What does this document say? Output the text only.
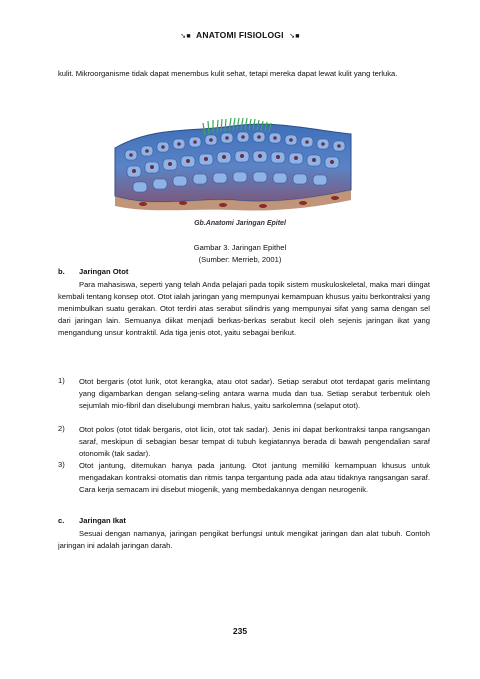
➘■ ANATOMI FISIOLOGI ➘■
kulit. Mikroorganisme tidak dapat menembus kulit sehat, tetapi mereka dapat lewat kulit yang terluka.
Gb.Anatomi Jaringan Epitel
Gambar 3. Jaringan Epithel
(Sumber: Merrieb, 2001)
b. Jaringan Otot
Para mahasiswa, seperti yang telah Anda pelajari pada topik sistem muskuloskeletal, maka mari diingat kembali tentang konsep otot. Otot ialah jaringan yang mempunyai kemampuan khusus yaitu berkontraksi yang menimbulkan suatu gerakan. Otot terdiri atas serabut silindris yang mempunyai sifat yang sama dengan sel dari jaringan lain. Semuanya diikat menjadi berkas-berkas serabut kecil oleh sejenis jaringan ikat yang mengandung unsur kontraktil. Ada tiga jenis otot, yaitu sebagai berikut.
1) Otot bergaris (otot lurik, otot kerangka, atau otot sadar). Setiap serabut otot terdapat garis melintang yang digambarkan dengan selang-seling antara warna muda dan tua. Setiap serabut terbentuk oleh sejumlah mio-fibril dan diselubungi membran halus, yaitu sarkolemna (selaput otot).
2) Otot polos (otot tidak bergaris, otot licin, otot tak sadar). Jenis ini dapat berkontraksi tanpa rangsangan saraf, meskipun di sebagian besar tempat di tubuh kegiatannya berada di bawah pengendalian saraf otonomik (tak sadar).
3) Otot jantung, ditemukan hanya pada jantung. Otot jantung memiliki kemampuan khusus untuk mengadakan kontraksi otomatis dan ritmis tanpa tergantung pada ada atau tidaknya rangsangan saraf. Cara kerja semacam ini disebut miogenik, yang membedakannya dengan neurogenik.
c. Jaringan Ikat
Sesuai dengan namanya, jaringan pengikat berfungsi untuk mengikat jaringan dan alat tubuh. Contoh jaringan ini adalah jaringan darah.
235
